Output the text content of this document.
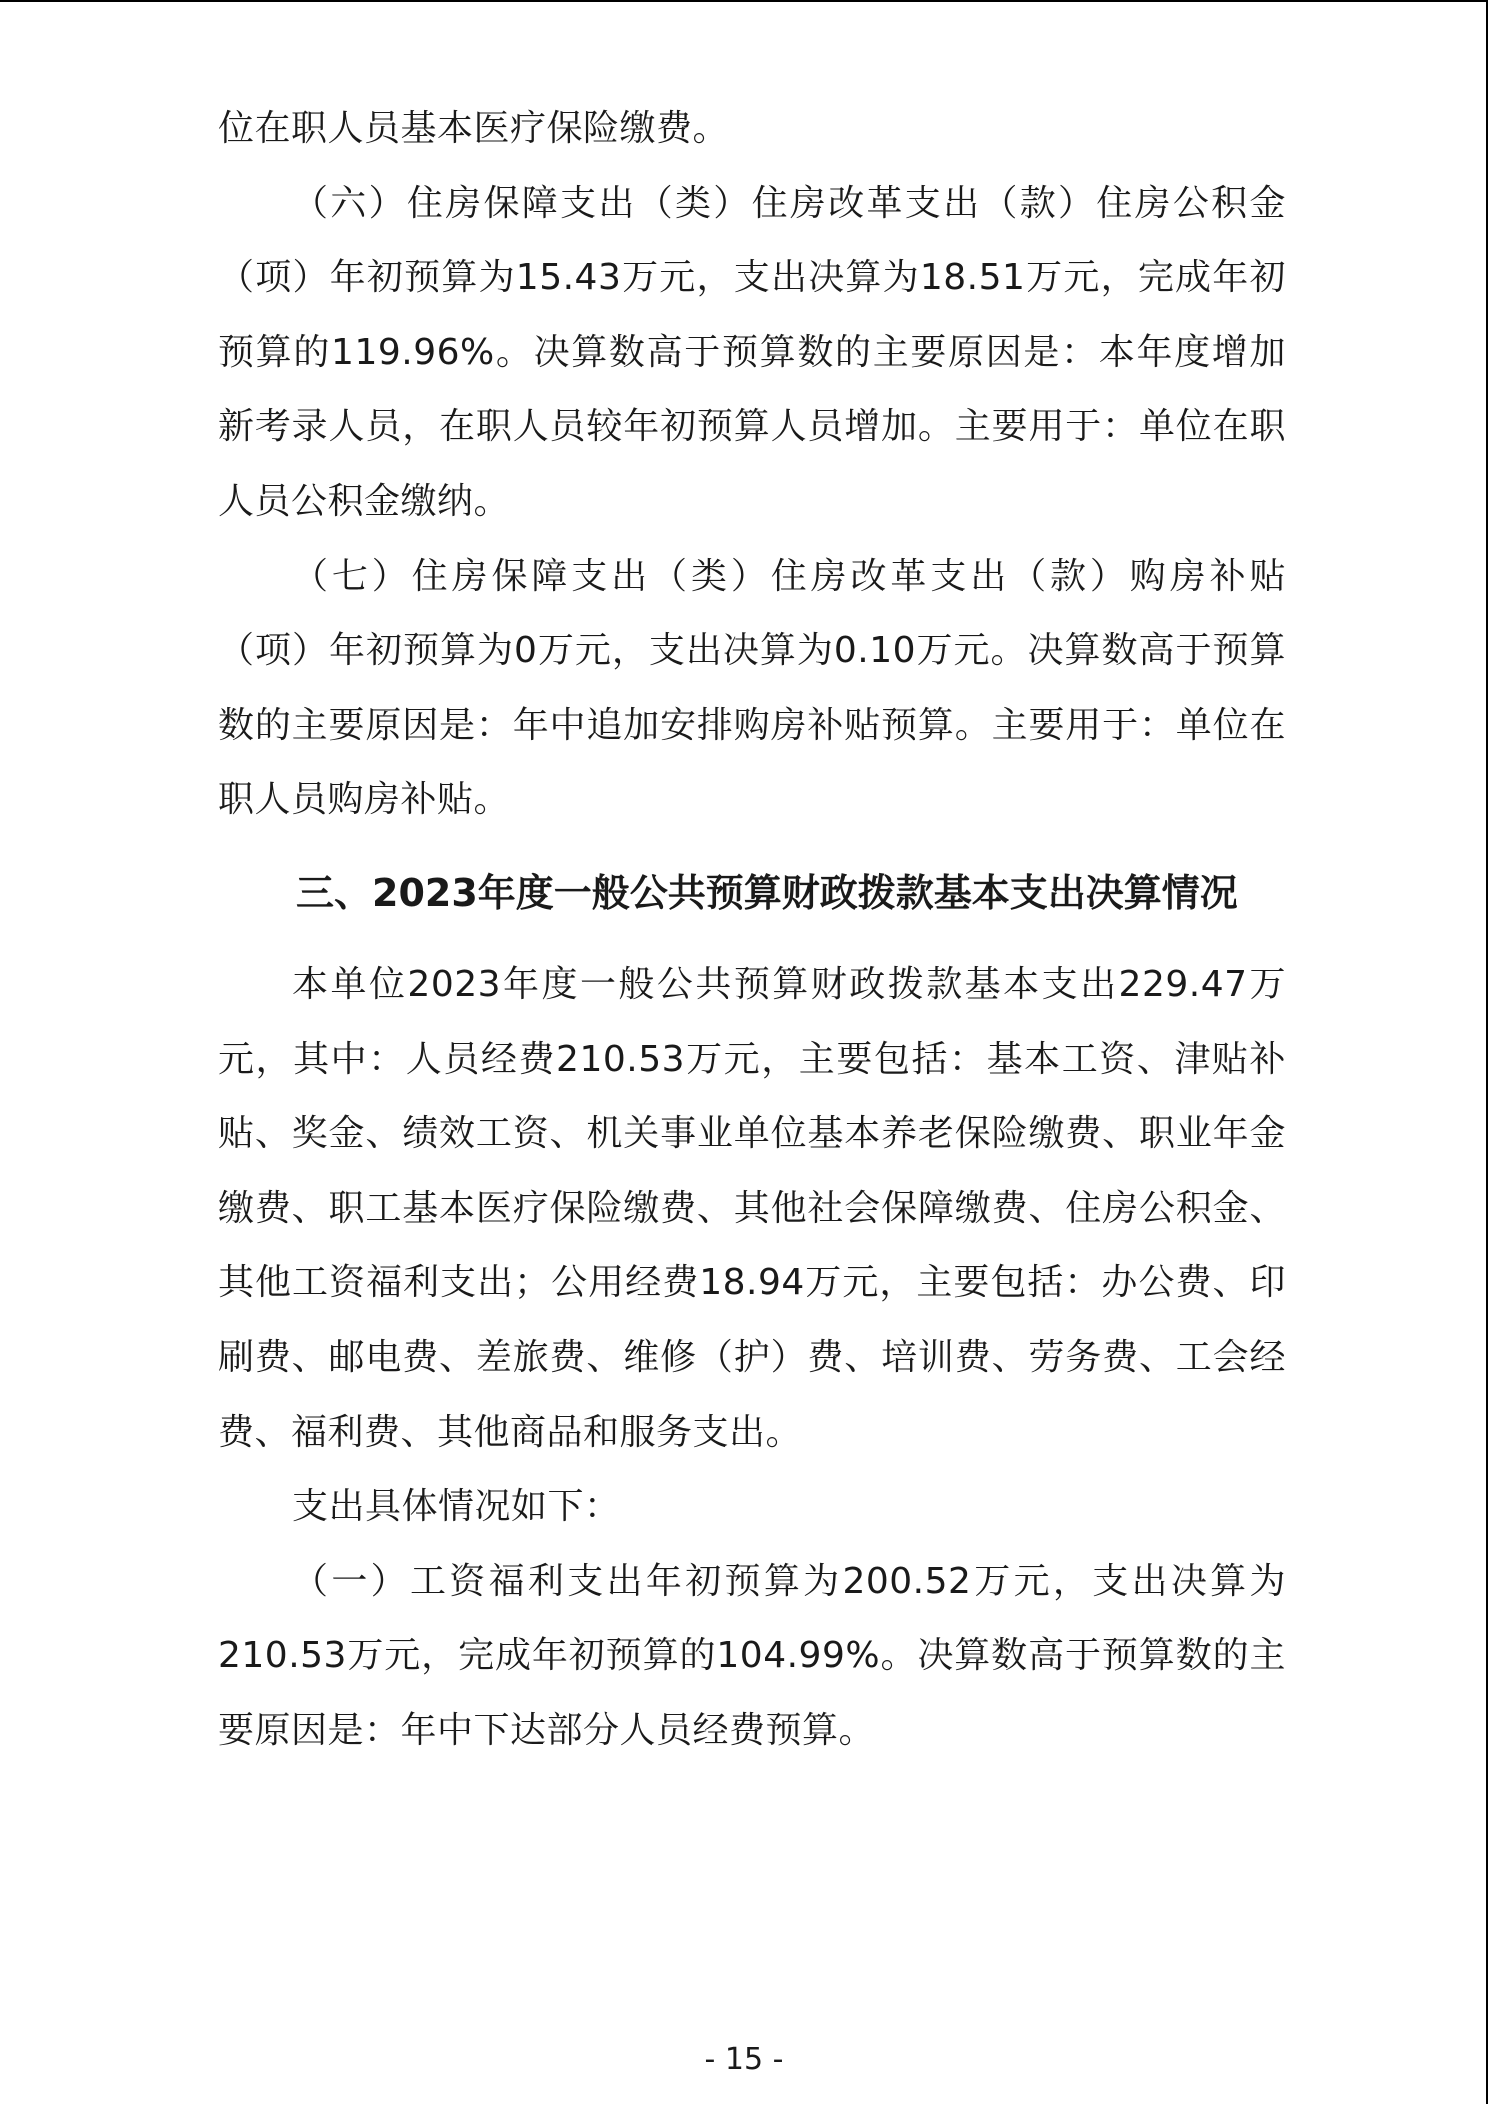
位在职人员基本医疗保险缴费。

（六）住房保障支出（类）住房改革支出（款）住房公积金（项）年初预算为15.43万元，支出决算为18.51万元，完成年初预算的119.96%。决算数高于预算数的主要原因是：本年度增加新考录人员，在职人员较年初预算人员增加。主要用于：单位在职人员公积金缴纳。

（七）住房保障支出（类）住房改革支出（款）购房补贴（项）年初预算为0万元，支出决算为0.10万元。决算数高于预算数的主要原因是：年中追加安排购房补贴预算。主要用于：单位在职人员购房补贴。

三、2023年度一般公共预算财政拨款基本支出决算情况

本单位2023年度一般公共预算财政拨款基本支出229.47万元，其中：人员经费210.53万元，主要包括：基本工资、津贴补贴、奖金、绩效工资、机关事业单位基本养老保险缴费、职业年金缴费、职工基本医疗保险缴费、其他社会保障缴费、住房公积金、其他工资福利支出；公用经费18.94万元，主要包括：办公费、印刷费、邮电费、差旅费、维修（护）费、培训费、劳务费、工会经费、福利费、其他商品和服务支出。

支出具体情况如下：

（一）工资福利支出年初预算为200.52万元，支出决算为210.53万元，完成年初预算的104.99%。决算数高于预算数的主要原因是：年中下达部分人员经费预算。

- 15 -
